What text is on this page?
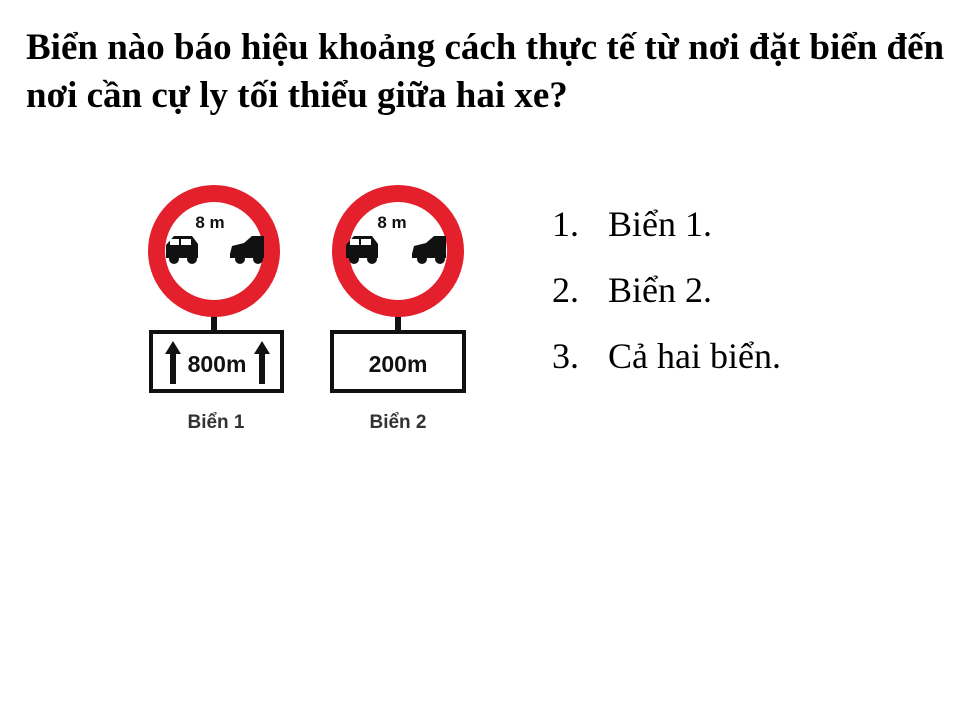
Biển nào báo hiệu khoảng cách thực tế từ nơi đặt biển đến nơi cần cự ly tối thiểu giữa hai xe?

8 m
800m
Biển 1
8 m
200m
Biển 2
1. Biển 1.
2. Biển 2.
3. Cả hai biển.
